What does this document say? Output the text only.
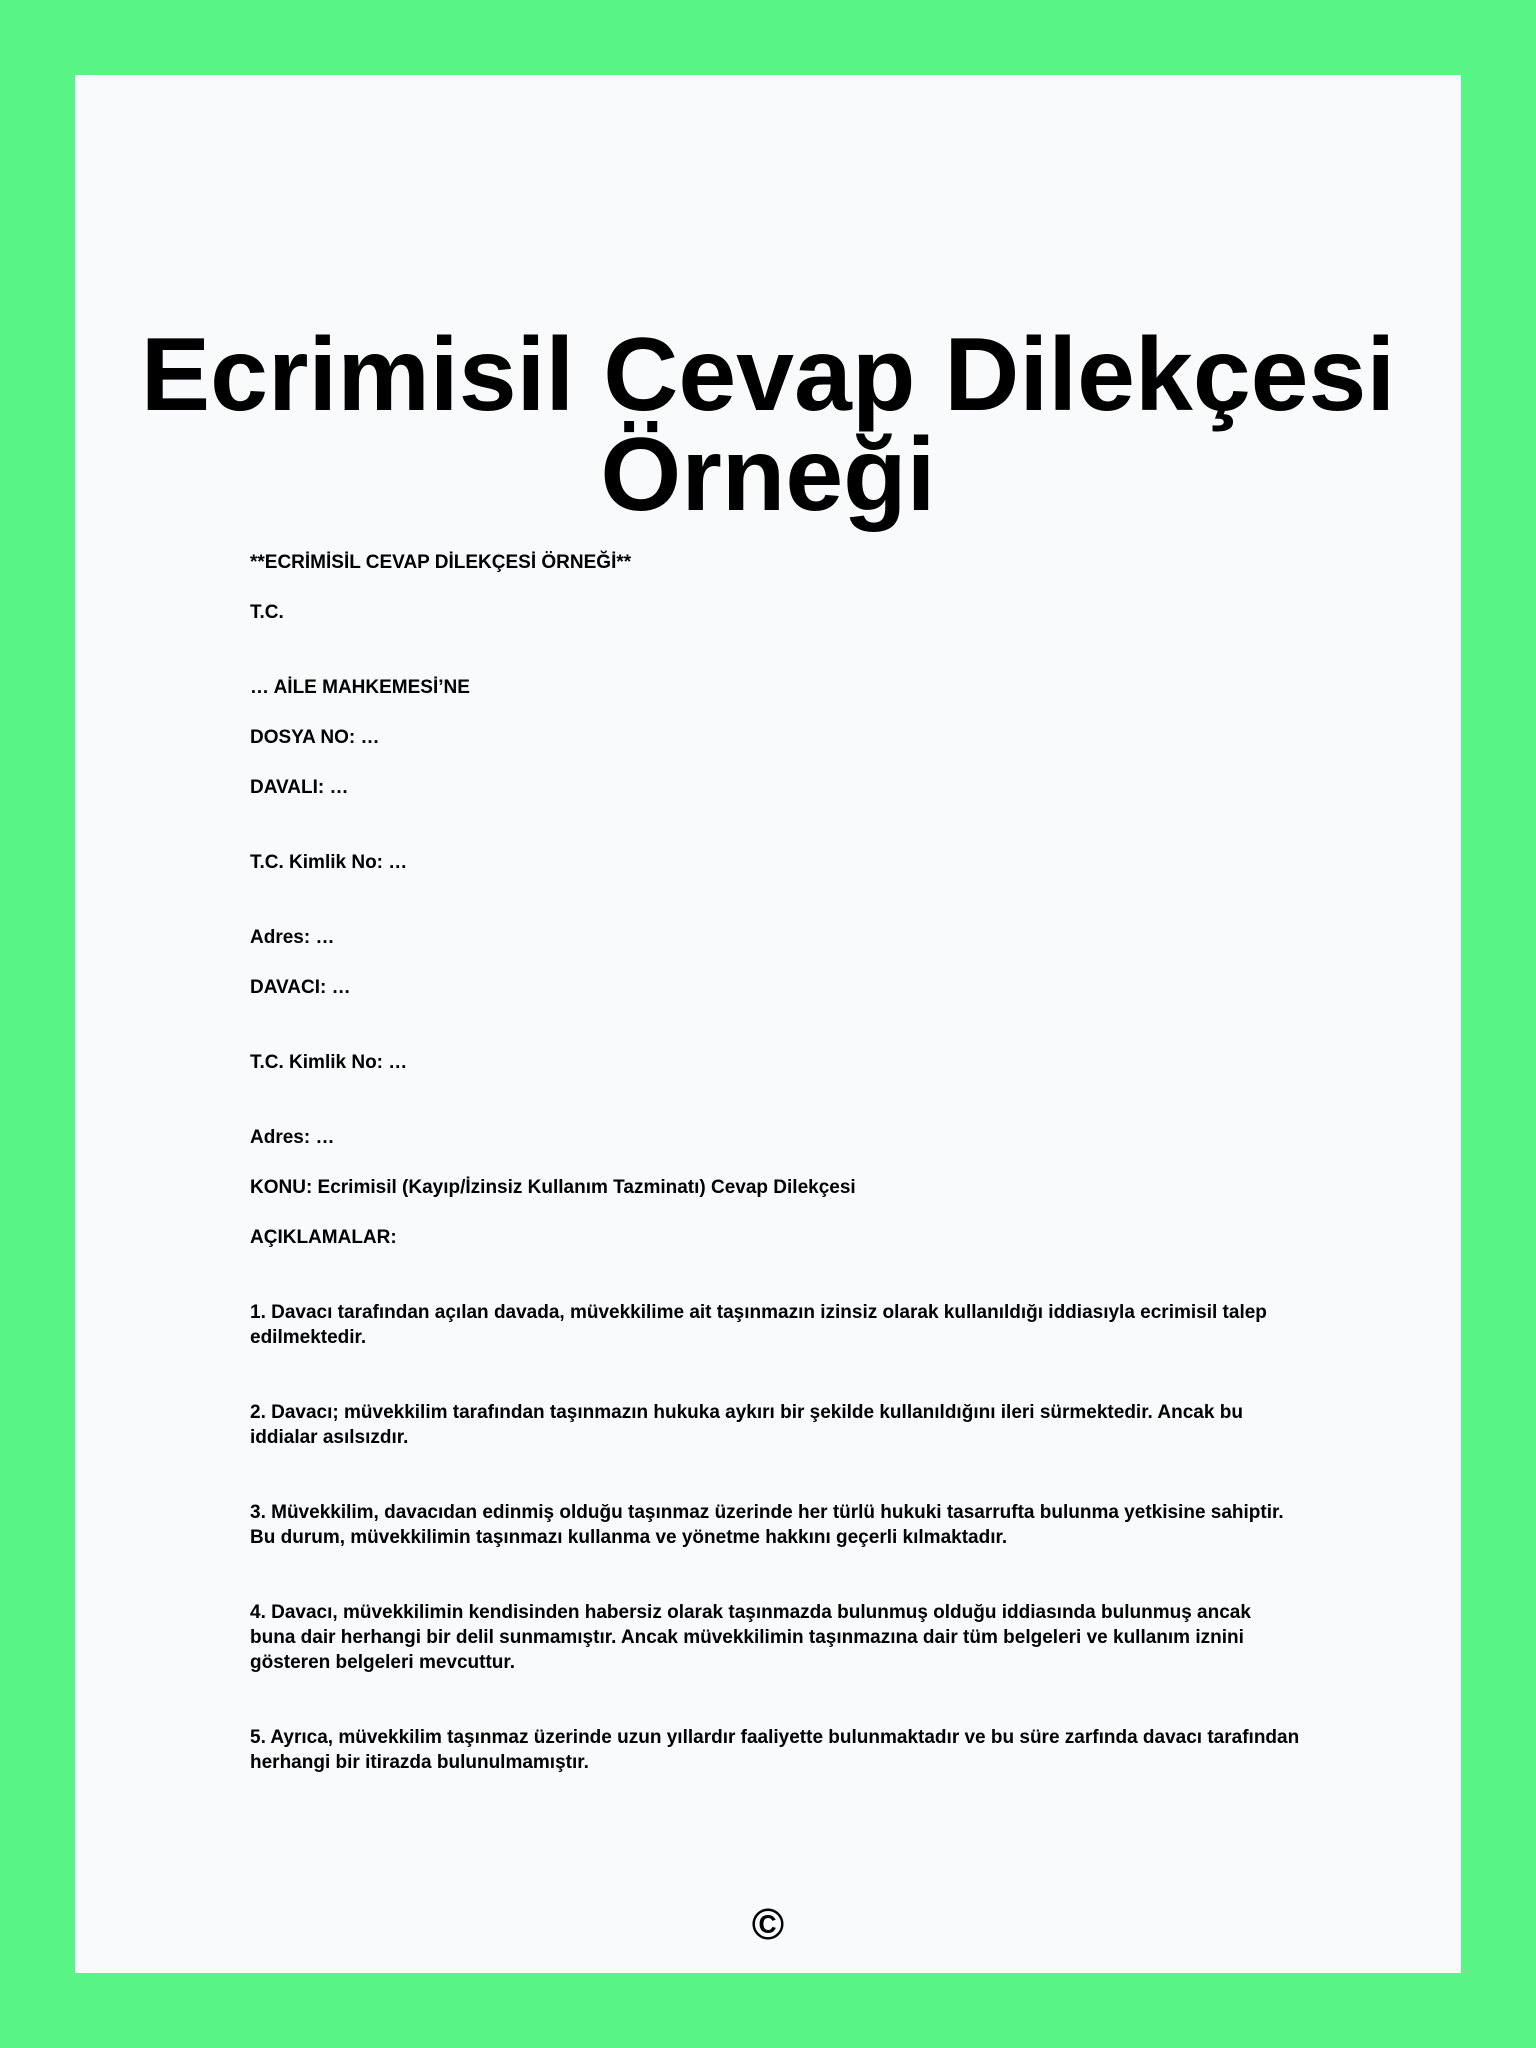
Ecrimisil Cevap Dilekçesi Örneği

**ECRİMİSİL CEVAP DİLEKÇESİ ÖRNEĞİ**

T.C.

… AİLE MAHKEMESİ’NE

DOSYA NO: …

DAVALI: …

T.C. Kimlik No: …

Adres: …

DAVACI: …

T.C. Kimlik No: …

Adres: …

KONU: Ecrimisil (Kayıp/İzinsiz Kullanım Tazminatı) Cevap Dilekçesi

AÇIKLAMALAR:

1. Davacı tarafından açılan davada, müvekkilime ait taşınmazın izinsiz olarak kullanıldığı iddiasıyla ecrimisil talep edilmektedir.

2. Davacı; müvekkilim tarafından taşınmazın hukuka aykırı bir şekilde kullanıldığını ileri sürmektedir. Ancak bu iddialar asılsızdır.

3. Müvekkilim, davacıdan edinmiş olduğu taşınmaz üzerinde her türlü hukuki tasarrufta bulunma yetkisine sahiptir. Bu durum, müvekkilimin taşınmazı kullanma ve yönetme hakkını geçerli kılmaktadır.

4. Davacı, müvekkilimin kendisinden habersiz olarak taşınmazda bulunmuş olduğu iddiasında bulunmuş ancak buna dair herhangi bir delil sunmamıştır. Ancak müvekkilimin taşınmazına dair tüm belgeleri ve kullanım iznini gösteren belgeleri mevcuttur.

5. Ayrıca, müvekkilim taşınmaz üzerinde uzun yıllardır faaliyette bulunmaktadır ve bu süre zarfında davacı tarafından herhangi bir itirazda bulunulmamıştır.

©
